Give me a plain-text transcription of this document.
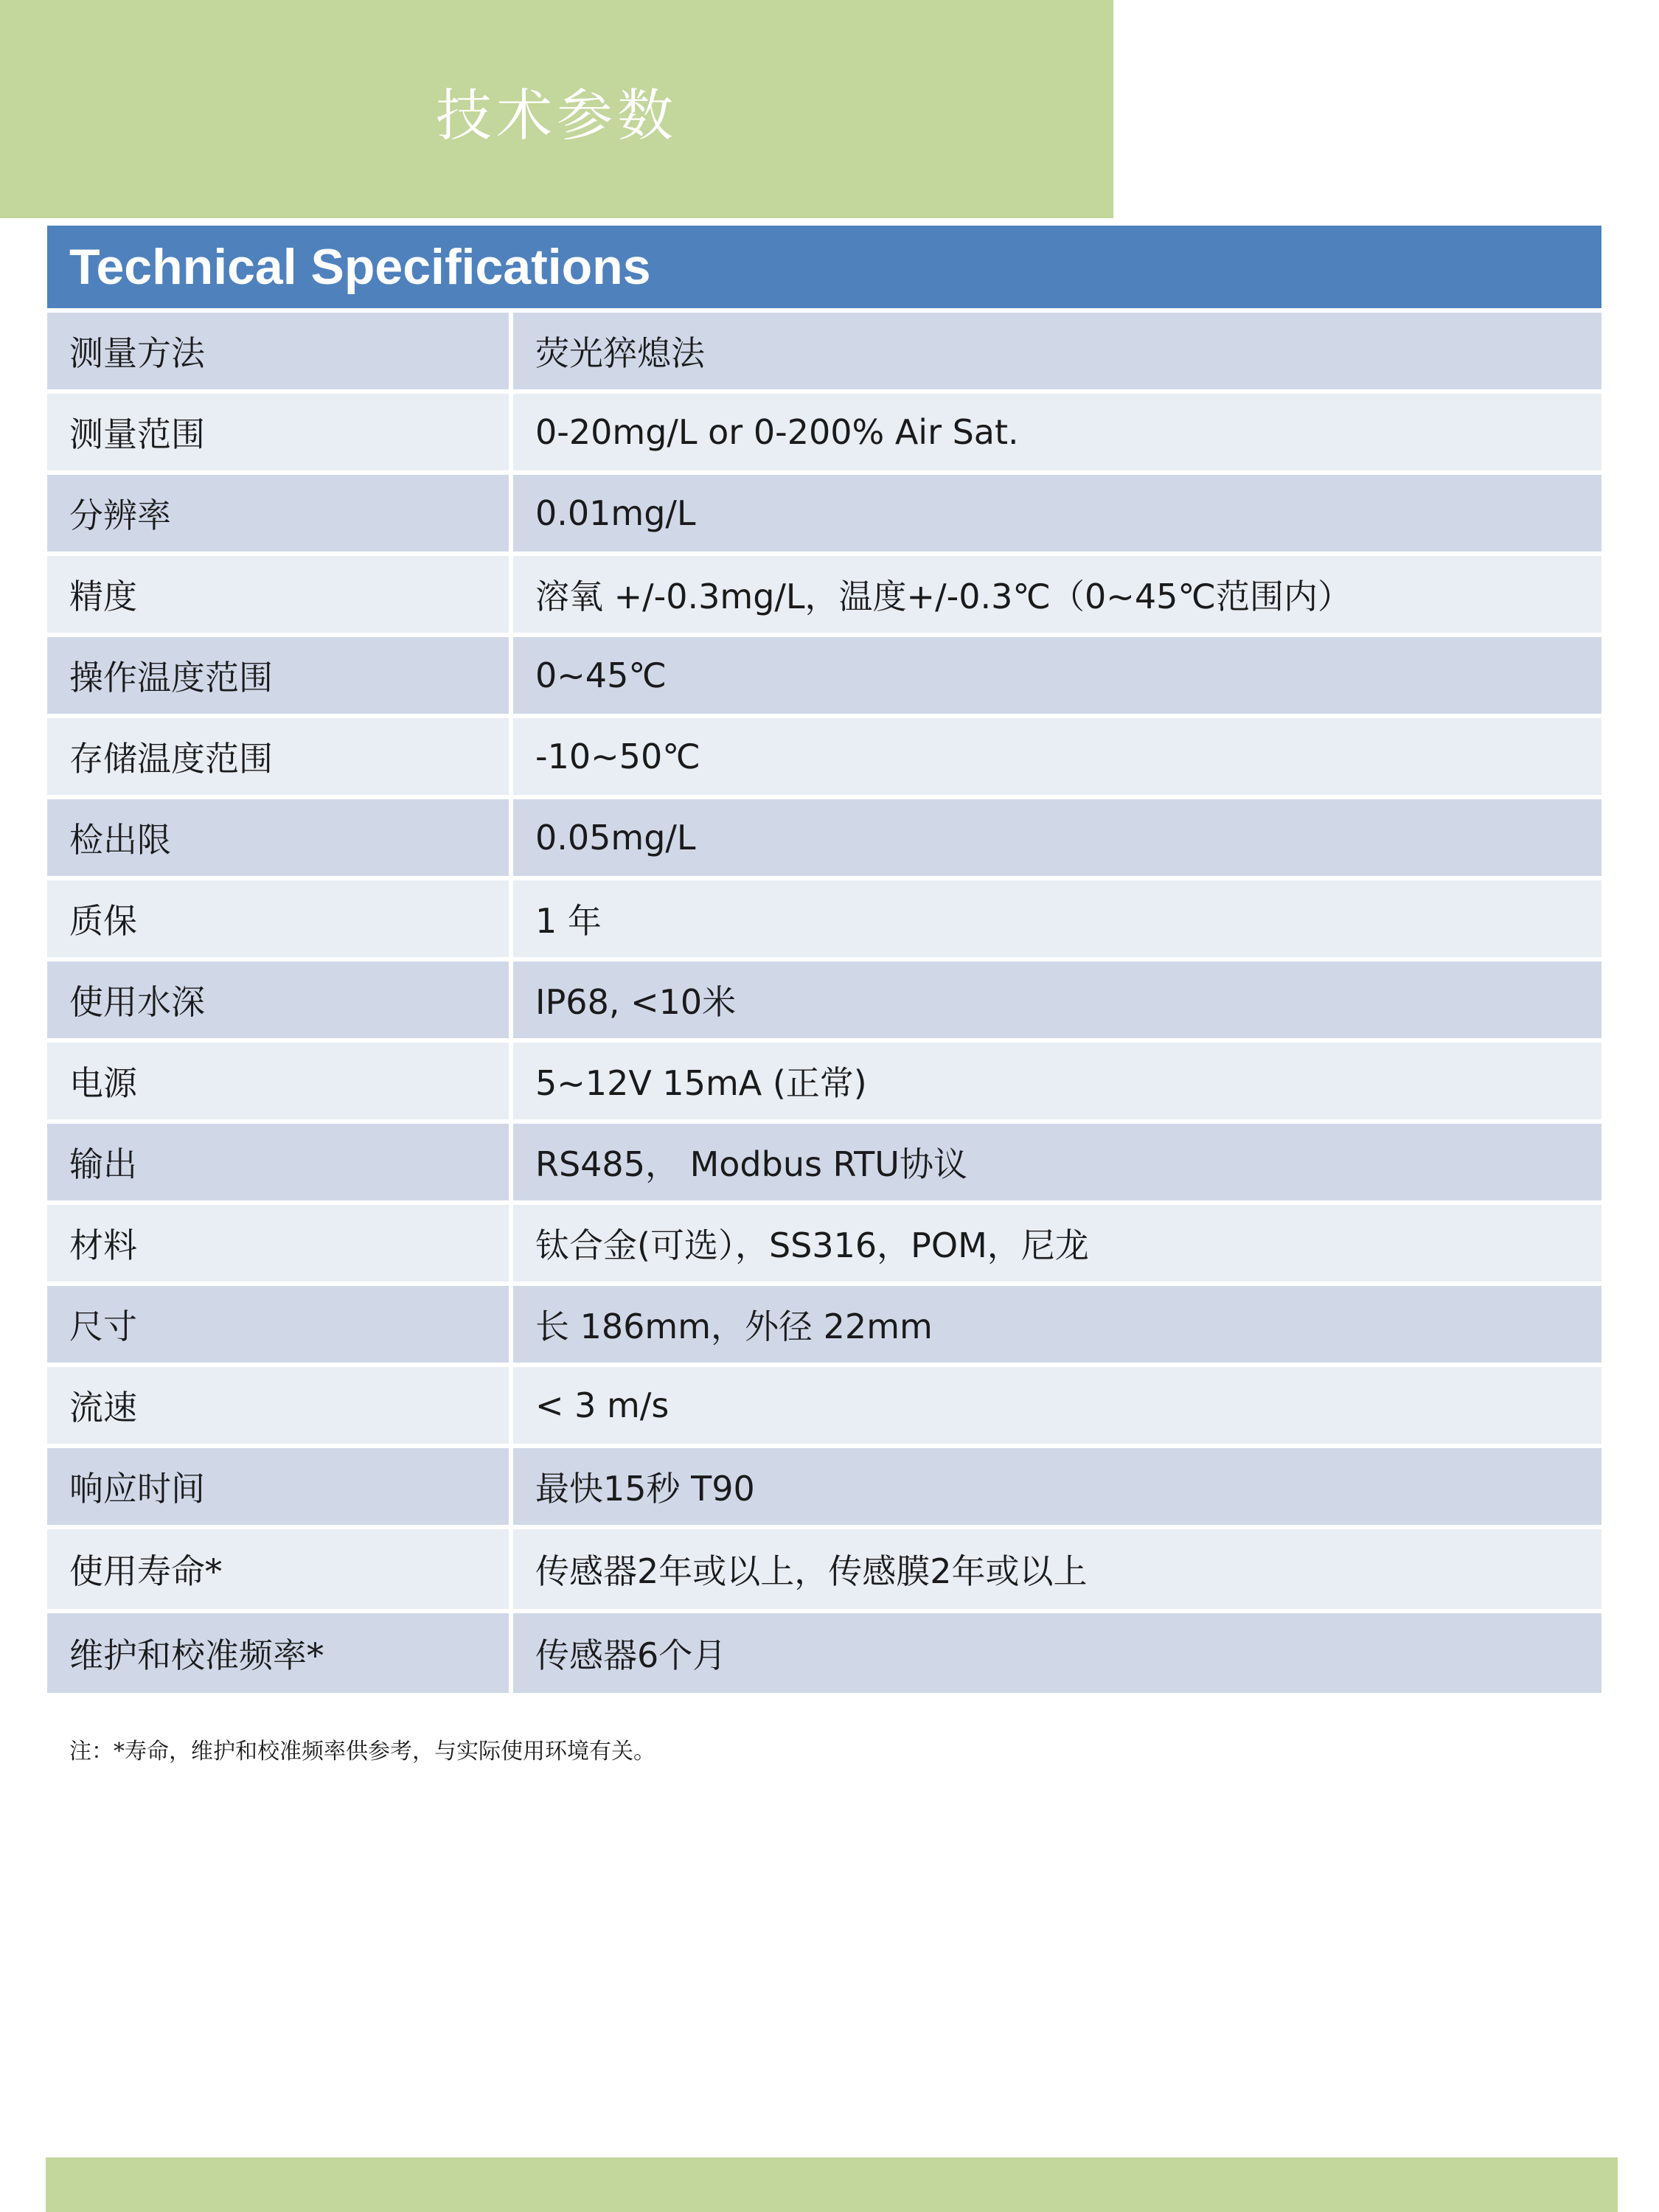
技术参数
Technical Specifications
测量方法	荧光猝熄法
测量范围	0-20mg/L or 0-200% Air Sat.
分辨率	0.01mg/L
精度	溶氧 +/-0.3mg/L，温度+/-0.3℃（0~45℃范围内）
操作温度范围	0~45℃
存储温度范围	-10~50℃
检出限	0.05mg/L
质保	1 年
使用水深	IP68, <10米
电源	5~12V 15mA (正常)
输出	RS485， Modbus RTU协议
材料	钛合金(可选），SS316，POM，尼龙
尺寸	长 186mm，外径 22mm
流速	< 3 m/s
响应时间	最快15秒 T90
使用寿命*	传感器2年或以上，传感膜2年或以上
维护和校准频率*	传感器6个月
注：*寿命，维护和校准频率供参考，与实际使用环境有关。
